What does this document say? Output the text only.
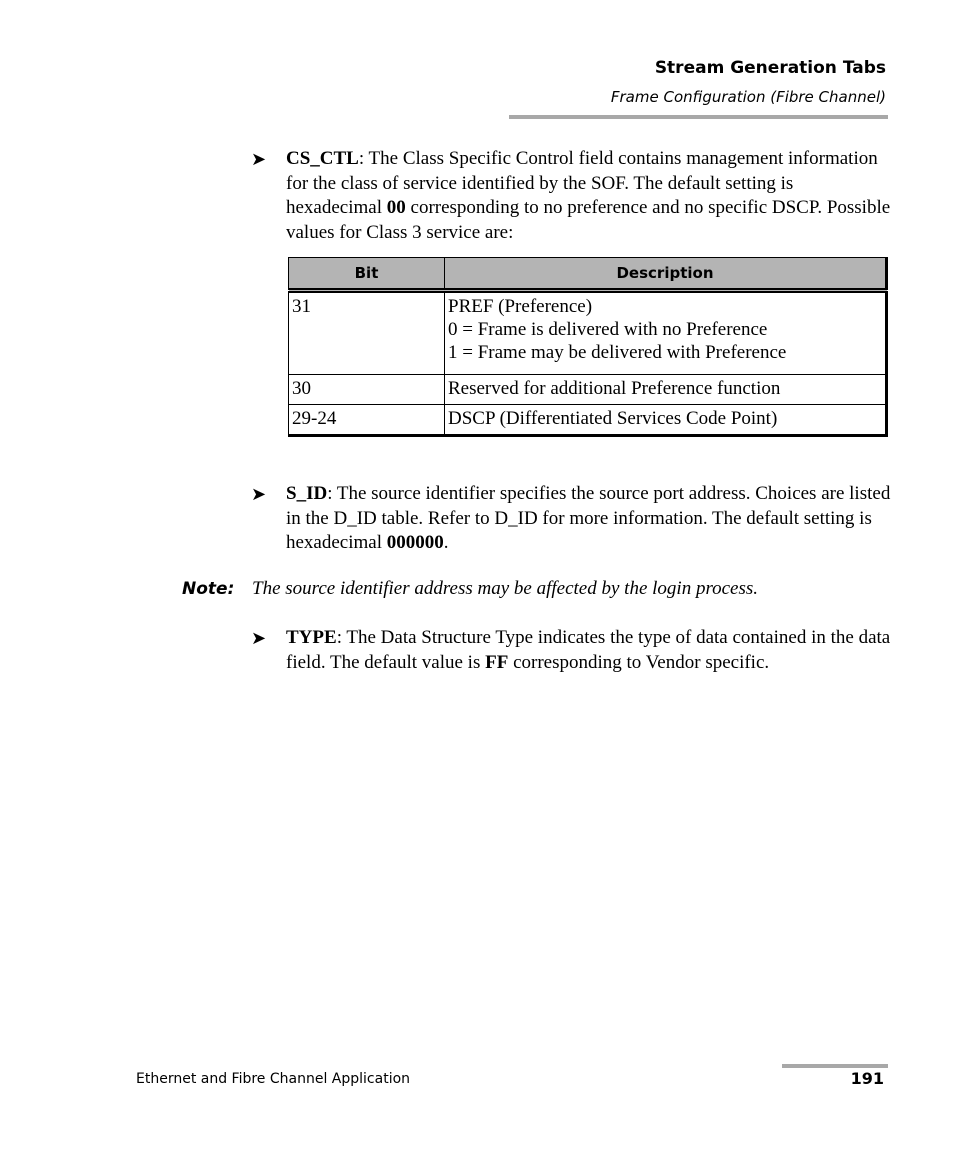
Stream Generation Tabs
Frame Configuration (Fibre Channel)
➤ CS_CTL: The Class Specific Control field contains management information for the class of service identified by the SOF. The default setting is hexadecimal 00 corresponding to no preference and no specific DSCP. Possible values for Class 3 service are:
Bit	Description
31	PREF (Preference)
0 = Frame is delivered with no Preference
1 = Frame may be delivered with Preference

30	Reserved for additional Preference function

29-24	DSCP (Differentiated Services Code Point)
➤ S_ID: The source identifier specifies the source port address. Choices are listed in the D_ID table. Refer to D_ID for more information. The default setting is hexadecimal 000000.
Note: The source identifier address may be affected by the login process.
➤ TYPE: The Data Structure Type indicates the type of data contained in the data field. The default value is FF corresponding to Vendor specific.
Ethernet and Fibre Channel Application	191
